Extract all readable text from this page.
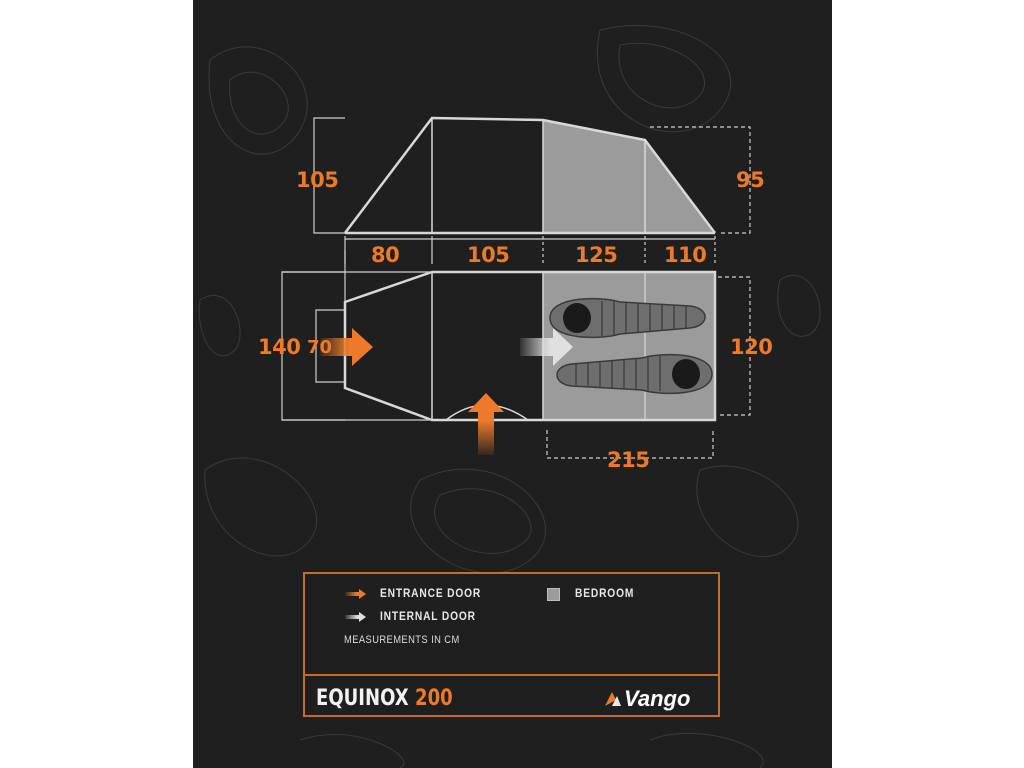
105	95
80	105	125 110
140 70	120
215
ENTRANCE DOOR
INTERNAL DOOR
BEDROOM
MEASUREMENTS IN CM
EQUINOX 200	Vango
